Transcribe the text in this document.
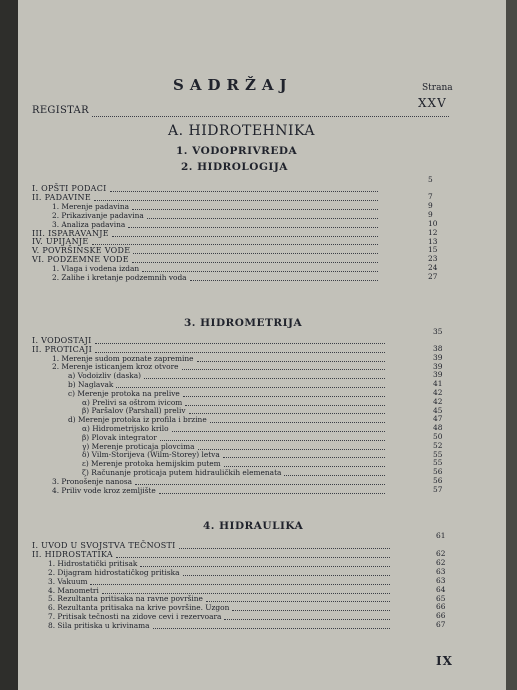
SADRŽAJ	Strana
REGISTAR
XXV
A. HIDROTEHNIKA
1. VODOPRIVREDA
2. HIDROLOGIJA
5
I. OPŠTI PODACI
7
II. PADAVINE
9
1. Merenje padavina
9
2. Prikazivanje padavina
10
3. Analiza padavina
12
III. ISPARAVANJE
13
IV. UPIJANJE
15
V. POVRŠINSKE VODE
23
VI. PODZEMNE VODE
24
1. Vlaga i vodena izdan
27
2. Zalihe i kretanje podzemnih voda
3. HIDROMETRIJA
35
I. VODOSTAJI
38
II. PROTICAJI
39
1. Merenje sudom poznate zapremine
39
2. Merenje isticanjem kroz otvore
39
a) Vodoizliv (daska)
41
b) Naglavak
42
c) Merenje protoka na prelive
42
α) Prelivi sa oštrom ivicom
45
β) Paršalov (Parshall) preliv
47
d) Merenje protoka iz profila i brzine
48
α) Hidrometrijsko krilo
50
β) Plovak integrator
52
γ) Merenje proticaja plovcima
55
δ) Vilm-Storijeva (Wilm-Storey) letva
55
ε) Merenje protoka hemijskim putem
56
ζ) Računanje proticaja putem hidrauličkih elemenata
56
3. Pronošenje nanosa
57
4. Priliv vode kroz zemljište
4. HIDRAULIKA
61
I. UVOD U SVOJSTVA TEČNOSTI
62
II. HIDROSTATIKA
62
1. Hidrostatički pritisak
63
2. Dijagram hidrostatičkog pritiska
63
3. Vakuum
64
4. Manometri
65
5. Rezultanta pritisaka na ravne površine
66
6. Rezultanta pritisaka na krive površine. Uzgon
66
7. Pritisak tečnosti na zidove cevi i rezervoara
67
8. Sila pritiska u krivinama
IX
